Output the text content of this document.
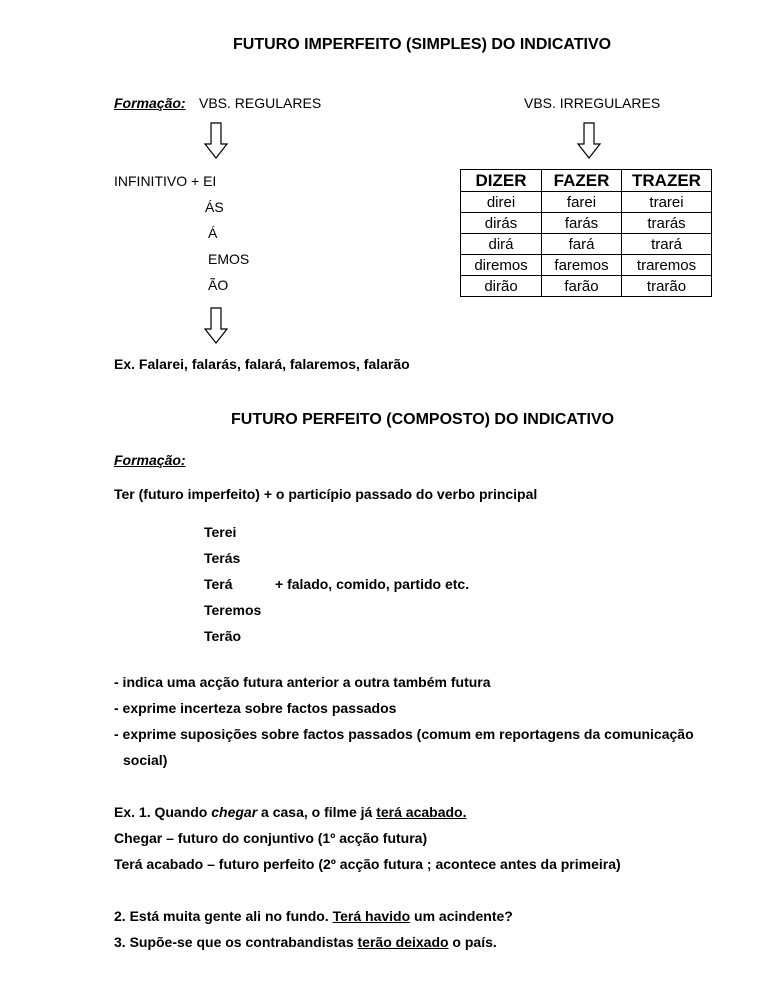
FUTURO IMPERFEITO (SIMPLES) DO INDICATIVO
Formação: VBS. REGULARES	VBS. IRREGULARES
INFINITIVO + EI
ÁS
Á
EMOS
ÃO
DIZER	FAZER	TRAZER
direi	farei	trarei
dirás	farás	trarás
dirá	fará	trará
diremos	faremos	traremos
dirão	farão	trarão
Ex. Falarei, falarás, falará, falaremos, falarão
FUTURO PERFEITO (COMPOSTO) DO INDICATIVO
Formação:
Ter (futuro imperfeito) + o particípio passado do verbo principal
Terei
Terás
Terá	+ falado, comido, partido etc.
Teremos
Terão
- indica uma acção futura anterior a outra também futura
- exprime incerteza sobre factos passados
- exprime suposições sobre factos passados (comum em reportagens da comunicação
social)
Ex. 1. Quando chegar a casa, o filme já terá acabado.
Chegar – futuro do conjuntivo (1º acção futura)
Terá acabado – futuro perfeito (2º acção futura ; acontece antes da primeira)
2. Está muita gente ali no fundo. Terá havido um acindente?
3. Supõe-se que os contrabandistas terão deixado o país.
